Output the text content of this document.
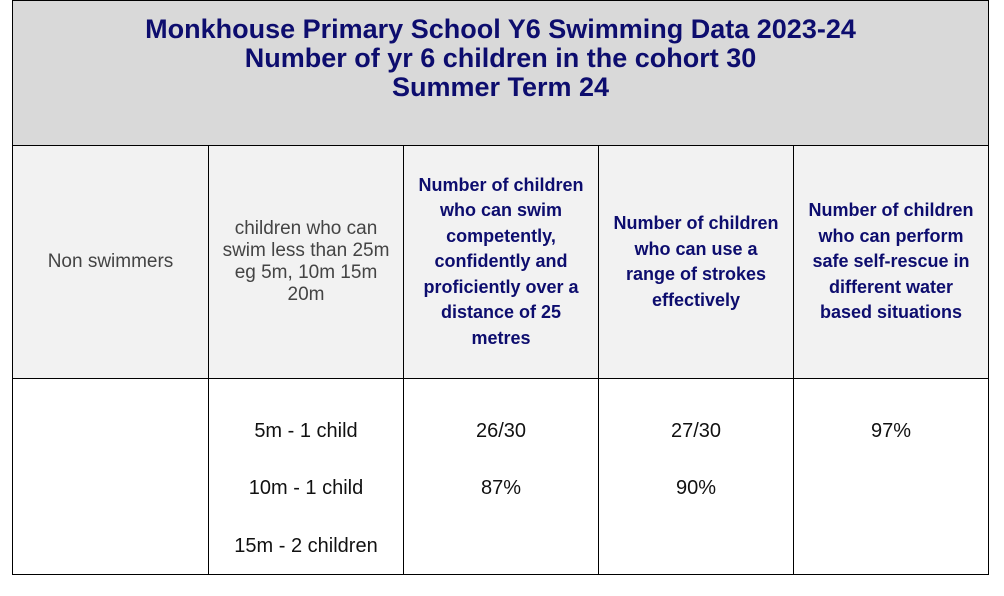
Monkhouse Primary School Y6 Swimming Data 2023-24
Number of yr 6 children in the cohort 30
Summer Term 24
Non swimmers
children who can swim less than 25m eg 5m, 10m 15m 20m
Number of children who can swim competently, confidently and proficiently over a distance of 25 metres
Number of children who can use a range of strokes effectively
Number of children who can perform safe self-rescue in different water based situations
5m - 1 child
10m - 1 child
15m - 2 children
26/30
87%
27/30
90%
97%
